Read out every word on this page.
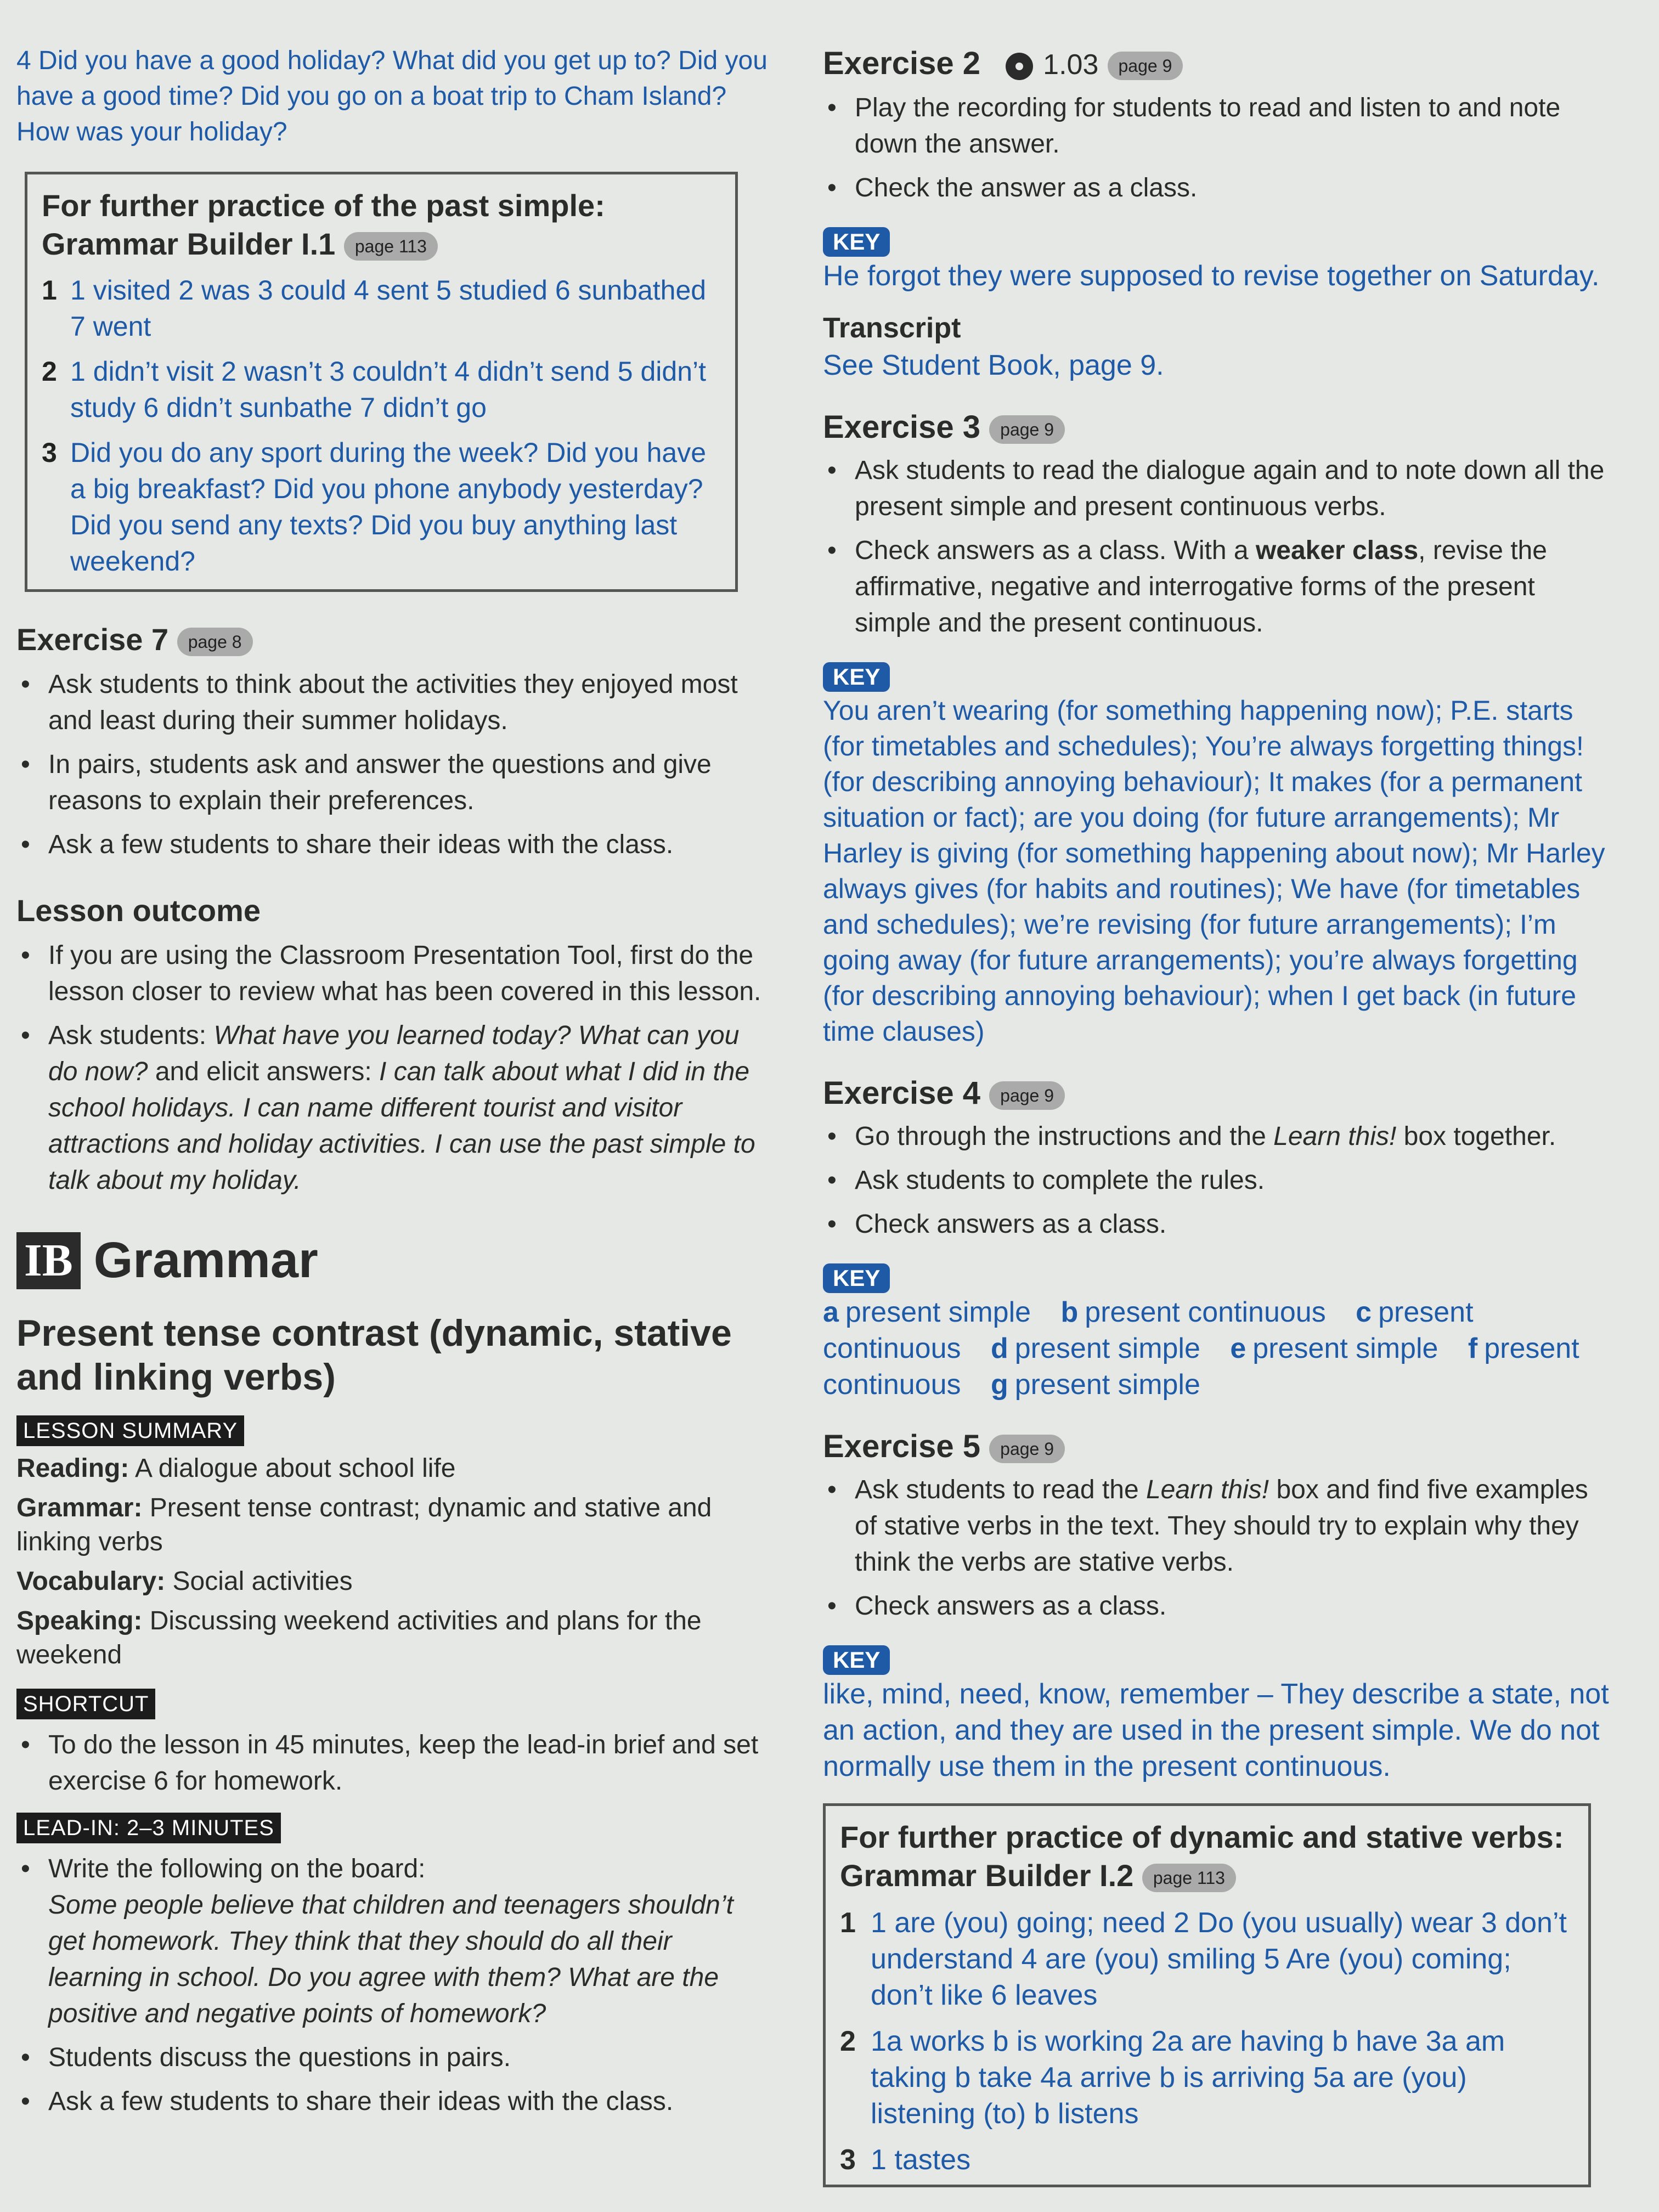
4 Did you have a good holiday? What did you get up to? Did you have a good time? Did you go on a boat trip to Cham Island? How was your holiday?

For further practice of the past simple:

Grammar Builder I.1 page 113

1 1 visited 2 was 3 could 4 sent 5 studied 6 sunbathed 7 went
2 1 didn’t visit 2 wasn’t 3 couldn’t 4 didn’t send 5 didn’t study 6 didn’t sunbathe 7 didn’t go
3 Did you do any sport during the week? Did you have a big breakfast? Did you phone anybody yesterday? Did you send any texts? Did you buy anything last weekend?
Exercise 7 page 8
• Ask students to think about the activities they enjoyed most and least during their summer holidays.
• In pairs, students ask and answer the questions and give reasons to explain their preferences.
• Ask a few students to share their ideas with the class.
Lesson outcome
• If you are using the Classroom Presentation Tool, first do the lesson closer to review what has been covered in this lesson.
• Ask students: What have you learned today? What can you do now? and elicit answers: I can talk about what I did in the school holidays. I can name different tourist and visitor attractions and holiday activities. I can use the past simple to talk about my holiday.
IB Grammar
Present tense contrast (dynamic, stative and linking verbs)
LESSON SUMMARY

Reading: A dialogue about school life

Grammar: Present tense contrast; dynamic and stative and linking verbs

Vocabulary: Social activities

Speaking: Discussing weekend activities and plans for the weekend

SHORTCUT
• To do the lesson in 45 minutes, keep the lead-in brief and set exercise 6 for homework.
LEAD-IN: 2–3 MINUTES
• Write the following on the board:
Some people believe that children and teenagers shouldn’t get homework. They think that they should do all their learning in school. Do you agree with them? What are the positive and negative points of homework?
• Students discuss the questions in pairs.
• Ask a few students to share their ideas with the class.
Exercise 2 1.03 page 9
• Play the recording for students to read and listen to and note down the answer.
• Check the answer as a class.
KEY

He forgot they were supposed to revise together on Saturday.

Transcript

See Student Book, page 9.

Exercise 3 page 9
• Ask students to read the dialogue again and to note down all the present simple and present continuous verbs.
• Check answers as a class. With a weaker class, revise the affirmative, negative and interrogative forms of the present simple and the present continuous.
KEY

You aren’t wearing (for something happening now); P.E. starts (for timetables and schedules); You’re always forgetting things! (for describing annoying behaviour); It makes (for a permanent situation or fact); are you doing (for future arrangements); Mr Harley is giving (for something happening about now); Mr Harley always gives (for habits and routines); We have (for timetables and schedules); we’re revising (for future arrangements); I’m going away (for future arrangements); you’re always forgetting (for describing annoying behaviour); when I get back (in future time clauses)

Exercise 4 page 9
• Go through the instructions and the Learn this! box together.
• Ask students to complete the rules.
• Check answers as a class.
KEY

a present simple b present continuous c present continuous d present simple e present simple f present continuous g present simple

Exercise 5 page 9
• Ask students to read the Learn this! box and find five examples of stative verbs in the text. They should try to explain why they think the verbs are stative verbs.
• Check answers as a class.
KEY

like, mind, need, know, remember – They describe a state, not an action, and they are used in the present simple. We do not normally use them in the present continuous.

For further practice of dynamic and stative verbs:

Grammar Builder I.2 page 113

1 1 are (you) going; need 2 Do (you usually) wear 3 don’t understand 4 are (you) smiling 5 Are (you) coming; don’t like 6 leaves
2 1a works b is working 2a are having b have 3a am taking b take 4a arrive b is arriving 5a are (you) listening (to) b listens
3 1 tastes
